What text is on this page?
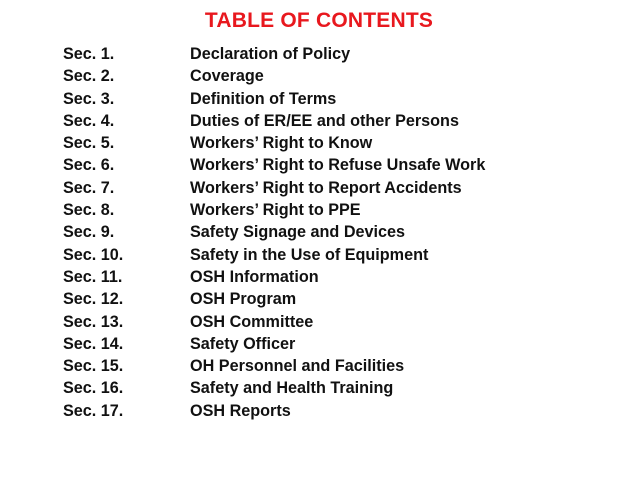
TABLE OF CONTENTS
Sec. 1.	Declaration of Policy
Sec. 2.	Coverage
Sec. 3.	Definition of Terms
Sec. 4.	Duties of ER/EE and other Persons
Sec. 5.	Workers’ Right to Know
Sec. 6.	Workers’ Right to Refuse Unsafe Work
Sec. 7.	Workers’ Right to Report Accidents
Sec. 8.	Workers’ Right to PPE
Sec. 9.	Safety Signage and Devices
Sec. 10.	Safety in the Use of Equipment
Sec. 11.	OSH Information
Sec. 12.	OSH Program
Sec. 13.	OSH Committee
Sec. 14.	Safety Officer
Sec. 15.	OH Personnel and Facilities
Sec. 16.	Safety and Health Training
Sec. 17.	OSH Reports
